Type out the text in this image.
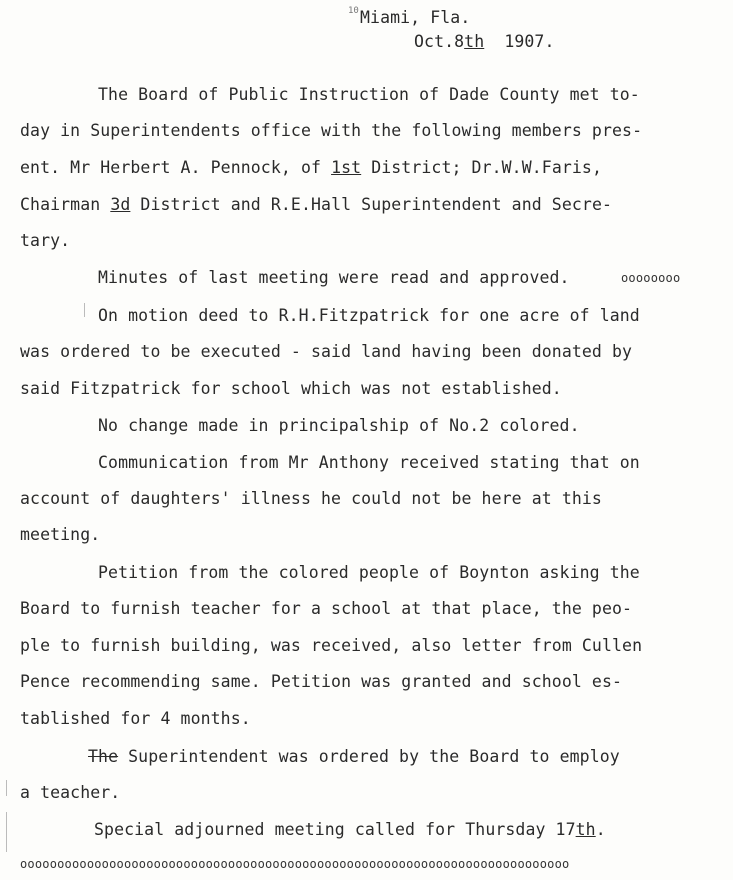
10 Miami, Fla.
Oct.8th 1907.
The Board of Public Instruction of Dade County met to-
day in Superintendents office with the following members pres-
ent. Mr Herbert A. Pennock, of 1st District; Dr.W.W.Faris,
Chairman 3d District and R.E.Hall Superintendent and Secre-
tary.
Minutes of last meeting were read and approved.	oooooooo
On motion deed to R.H.Fitzpatrick for one acre of land
was ordered to be executed - said land having been donated by
said Fitzpatrick for school which was not established.
No change made in principalship of No.2 colored.
Communication from Mr Anthony received stating that on
account of daughters' illness he could not be here at this
meeting.
Petition from the colored people of Boynton asking the
Board to furnish teacher for a school at that place, the peo-
ple to furnish building, was received, also letter from Cullen
Pence recommending same. Petition was granted and school es-
tablished for 4 months.
The Superintendent was ordered by the Board to employ
a teacher.
Special adjourned meeting called for Thursday 17th.
oooooooooooooooooooooooooooooooooooooooooooooooooooooooooooooooooooooooooo
